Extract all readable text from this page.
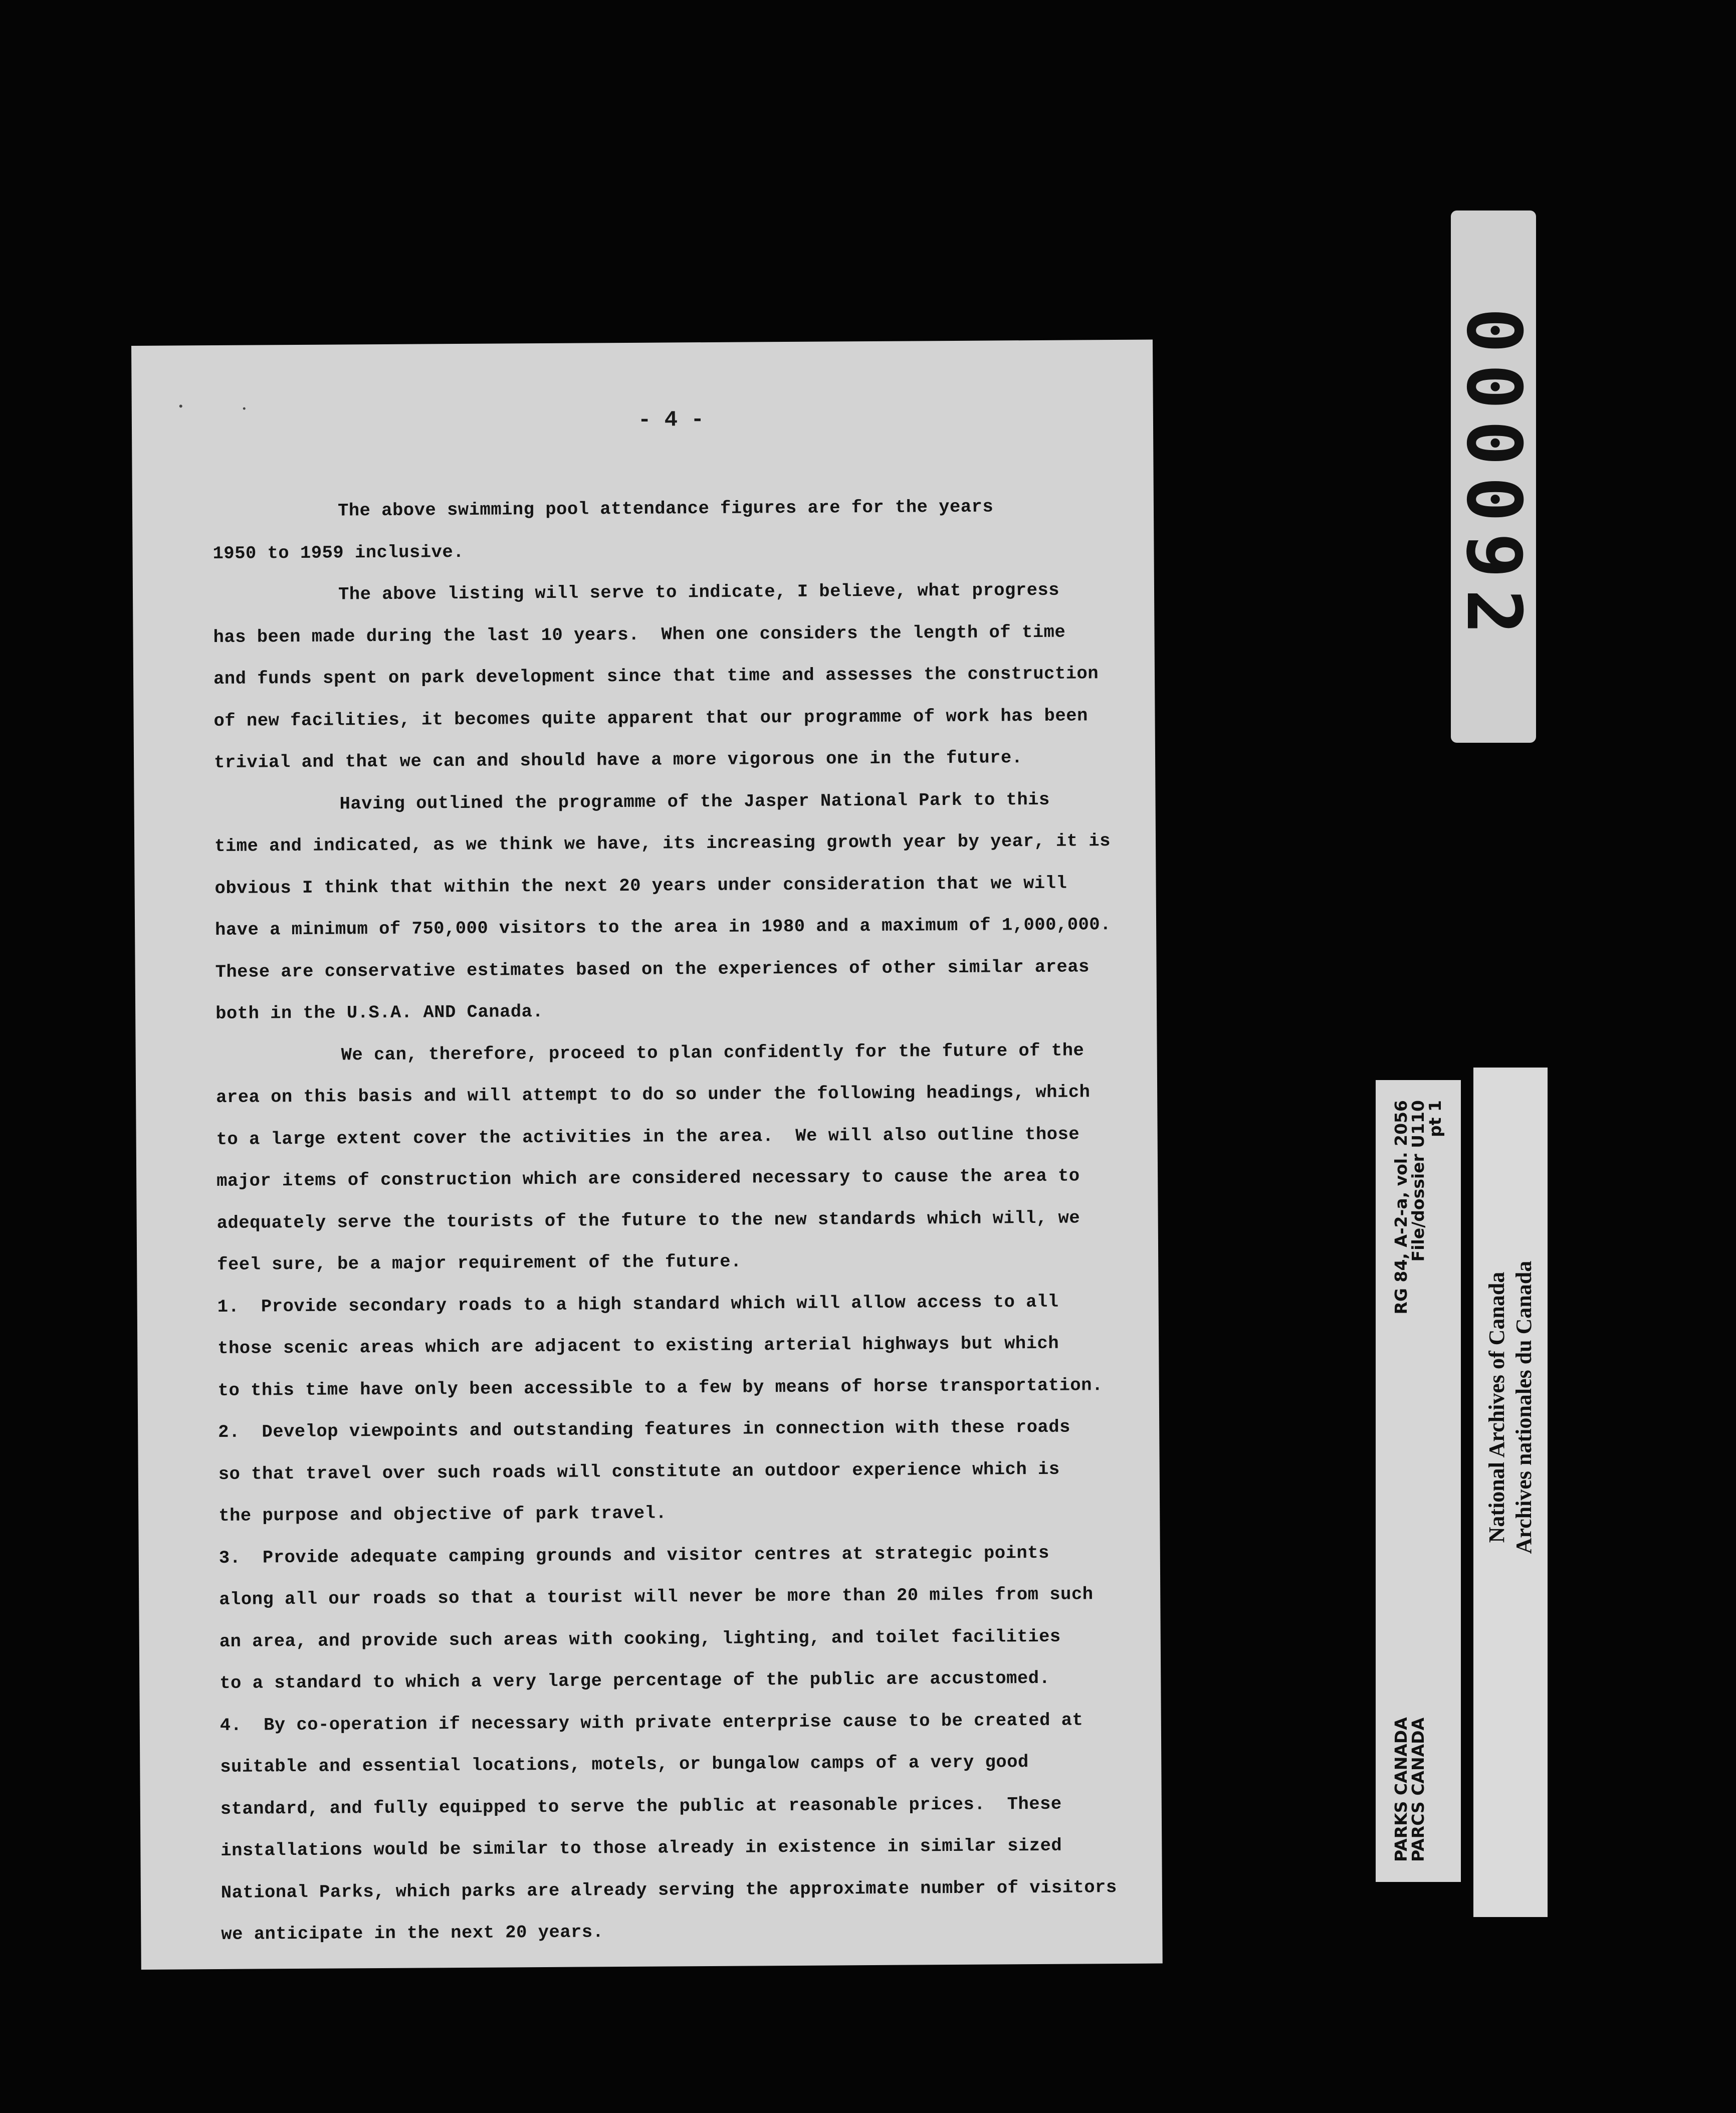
- 4 -
The above swimming pool attendance figures are for the years
1950 to 1959 inclusive.
The above listing will serve to indicate, I believe, what progress
has been made during the last 10 years.  When one considers the length of time
and funds spent on park development since that time and assesses the construction
of new facilities, it becomes quite apparent that our programme of work has been
trivial and that we can and should have a more vigorous one in the future.
Having outlined the programme of the Jasper National Park to this
time and indicated, as we think we have, its increasing growth year by year, it is
obvious I think that within the next 20 years under consideration that we will
have a minimum of 750,000 visitors to the area in 1980 and a maximum of 1,000,000.
These are conservative estimates based on the experiences of other similar areas
both in the U.S.A. AND Canada.
We can, therefore, proceed to plan confidently for the future of the
area on this basis and will attempt to do so under the following headings, which
to a large extent cover the activities in the area.  We will also outline those
major items of construction which are considered necessary to cause the area to
adequately serve the tourists of the future to the new standards which will, we
feel sure, be a major requirement of the future.
1.  Provide secondary roads to a high standard which will allow access to all
those scenic areas which are adjacent to existing arterial highways but which
to this time have only been accessible to a few by means of horse transportation.
2.  Develop viewpoints and outstanding features in connection with these roads
so that travel over such roads will constitute an outdoor experience which is
the purpose and objective of park travel.
3.  Provide adequate camping grounds and visitor centres at strategic points
along all our roads so that a tourist will never be more than 20 miles from such
an area, and provide such areas with cooking, lighting, and toilet facilities
to a standard to which a very large percentage of the public are accustomed.
4.  By co-operation if necessary with private enterprise cause to be created at
suitable and essential locations, motels, or bungalow camps of a very good
standard, and fully equipped to serve the public at reasonable prices.  These
installations would be similar to those already in existence in similar sized
National Parks, which parks are already serving the approximate number of visitors
we anticipate in the next 20 years.
000092
PARKS CANADA
PARCS CANADA
RG 84, A-2-a, vol. 2056
File/dossier U110
pt 1
National Archives of Canada Archives nationales du Canada
